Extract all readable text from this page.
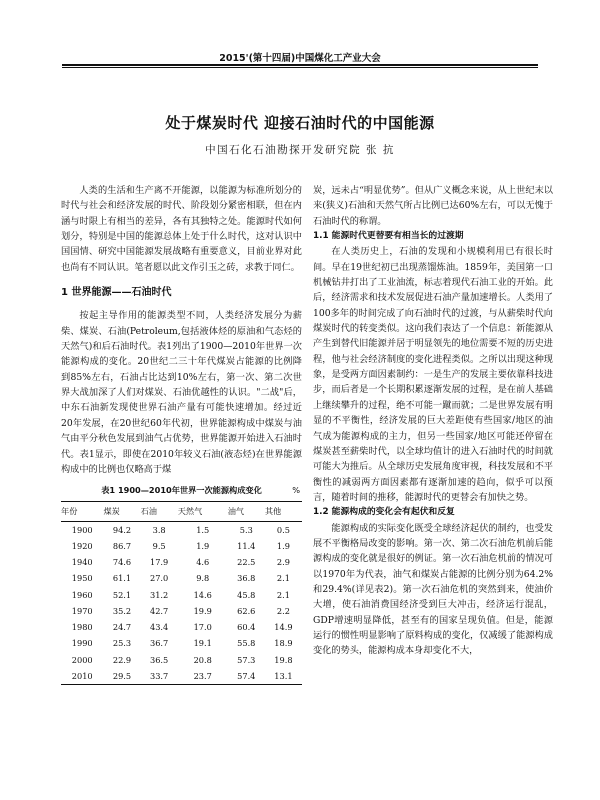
2015'(第十四届)中国煤化工产业大会
处于煤炭时代 迎接石油时代的中国能源
中国石化石油勘探开发研究院 张 抗

人类的生活和生产离不开能源，以能源为标准所划分的时代与社会和经济发展的时代、阶段划分紧密相联，但在内涵与时限上有相当的差异，各有其独特之处。能源时代如何划分，特别是中国的能源总体上处于什么时代，这对认识中国国情、研究中国能源发展战略有重要意义，目前业界对此也尚有不同认识。笔者愿以此文作引玉之砖，求教于同仁。

1 世界能源——石油时代

按起主导作用的能源类型不同，人类经济发展分为薪柴、煤炭、石油(Petroleum,包括液体烃的原油和气态烃的天然气)和后石油时代。表1列出了1900—2010年世界一次能源构成的变化。20世纪二三十年代煤炭占能源的比例降到85%左右，石油占比达到10%左右，第一次、第二次世界大战加深了人们对煤炭、石油优越性的认识。"二战"后，中东石油新发现使世界石油产量有可能快速增加。经过近20年发展，在20世纪60年代初，世界能源构成中煤炭与油气由平分秋色发展到油气占优势，世界能源开始进入石油时代。表1显示，即使在2010年较义石油(液态烃)在世界能源构成中的比例也仅略高于煤

表1 1900—2010年世界一次能源构成变化	%
年份	煤炭	石油	天然气	油气	其他
1900	94.2	3.8	1.5	5.3	0.5
1920	86.7	9.5	1.9	11.4	1.9
1940	74.6	17.9	4.6	22.5	2.9
1950	61.1	27.0	9.8	36.8	2.1
1960	52.1	31.2	14.6	45.8	2.1
1970	35.2	42.7	19.9	62.6	2.2
1980	24.7	43.4	17.0	60.4	14.9
1990	25.3	36.7	19.1	55.8	18.9
2000	22.9	36.5	20.8	57.3	19.8
2010	29.5	33.7	23.7	57.4	13.1

炭，远未占“明显优势”。但从广义概念来说，从上世纪末以来(狭义)石油和天然气所占比例已达60%左右，可以无愧于石油时代的称谓。

1.1 能源时代更替要有相当长的过渡期

在人类历史上，石油的发现和小规模利用已有很长时间。早在19世纪初已出现蒸馏炼油。1859年，美国第一口机械钻井打出了工业油流，标志着现代石油工业的开始。此后，经济需求和技术发展促进石油产量加速增长。人类用了100多年的时间完成了向石油时代的过渡，与从薪柴时代向煤炭时代的转变类似。这向我们表达了一个信息：新能源从产生到替代旧能源并居于明显领先的地位需要不短的历史进程，他与社会经济制度的变化进程类似。之所以出现这种现象，是受两方面因素制约：一是生产的发展主要依靠科技进步，而后者是一个长期积累逐渐发展的过程，是在前人基础上继续攀升的过程，绝不可能一蹴而就；二是世界发展有明显的不平衡性，经济发展的巨大差距使有些国家/地区的油气成为能源构成的主力，但另一些国家/地区可能还停留在煤炭甚至薪柴时代，以全球均值计的进入石油时代的时间就可能大为推后。从全球历史发展角度审视，科技发展和不平衡性的减弱两方面因素都有逐渐加速的趋向，似乎可以预言，随着时间的推移，能源时代的更替会有加快之势。

1.2 能源构成的变化会有起伏和反复

能源构成的实际变化既受全球经济起伏的制约，也受发展不平衡格局改变的影响。第一次、第二次石油危机前后能源构成的变化就是很好的例证。第一次石油危机前的情况可以1970年为代表，油气和煤炭占能源的比例分别为64.2%和29.4%(详见表2)。第一次石油危机的突然到来，使油价大增，使石油消费国经济受到巨大冲击，经济运行混乱，GDP增速明显降低，甚至有的国家呈现负值。但是，能源运行的惯性明显影响了原料构成的变化，仅减缓了能源构成变化的势头，能源构成本身却变化不大，
